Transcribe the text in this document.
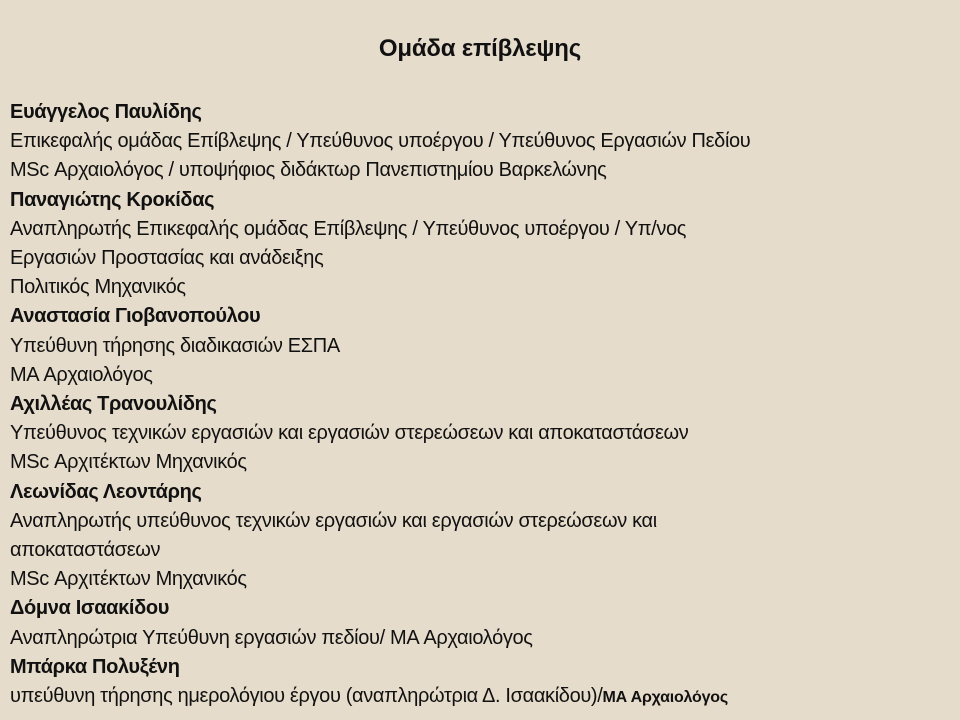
Ομάδα επίβλεψης
Ευάγγελος Παυλίδης
Επικεφαλής ομάδας Επίβλεψης / Υπεύθυνος υποέργου / Υπεύθυνος Εργασιών Πεδίου
MSc Αρχαιολόγος / υποψήφιος διδάκτωρ Πανεπιστημίου Βαρκελώνης
Παναγιώτης Κροκίδας
Αναπληρωτής Επικεφαλής ομάδας Επίβλεψης / Υπεύθυνος υποέργου / Υπ/νος
Εργασιών Προστασίας και ανάδειξης
Πολιτικός Μηχανικός
Αναστασία Γιοβανοπούλου
Υπεύθυνη τήρησης διαδικασιών ΕΣΠΑ
MA Αρχαιολόγος
Αχιλλέας Τρανουλίδης
Υπεύθυνος τεχνικών εργασιών και εργασιών στερεώσεων και αποκαταστάσεων
MSc Αρχιτέκτων Μηχανικός
Λεωνίδας Λεοντάρης
Αναπληρωτής υπεύθυνος τεχνικών εργασιών και εργασιών στερεώσεων και
αποκαταστάσεων
MSc Αρχιτέκτων Μηχανικός
Δόμνα Ισαακίδου
Αναπληρώτρια Υπεύθυνη εργασιών πεδίου/ MA Αρχαιολόγος
Μπάρκα Πολυξένη
υπεύθυνη τήρησης ημερολόγιου έργου (αναπληρώτρια Δ. Ισαακίδου)/MA Αρχαιολόγος
